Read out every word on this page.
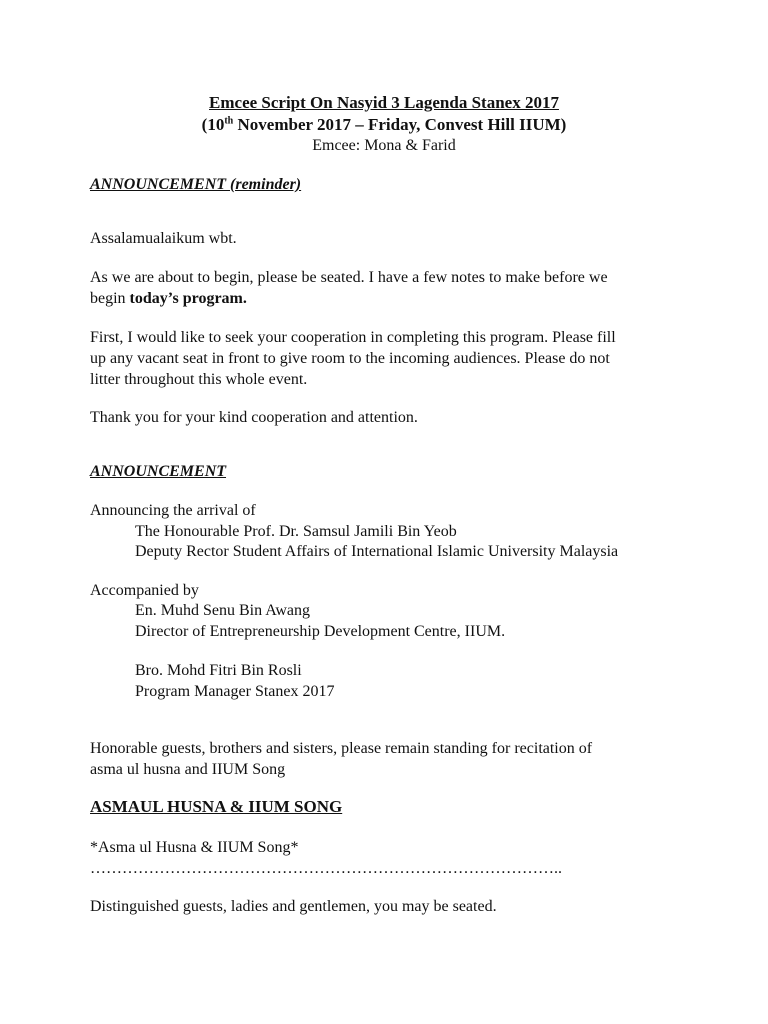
Emcee Script On Nasyid 3 Lagenda Stanex 2017
(10th November 2017 – Friday, Convest Hill IIUM)
Emcee: Mona & Farid
ANNOUNCEMENT (reminder)
Assalamualaikum wbt.
As we are about to begin, please be seated. I have a few notes to make before we
begin today’s program.
First, I would like to seek your cooperation in completing this program. Please fill
up any vacant seat in front to give room to the incoming audiences. Please do not
litter throughout this whole event.
Thank you for your kind cooperation and attention.
ANNOUNCEMENT
Announcing the arrival of
The Honourable Prof. Dr. Samsul Jamili Bin Yeob
Deputy Rector Student Affairs of International Islamic University Malaysia
Accompanied by
En. Muhd Senu Bin Awang
Director of Entrepreneurship Development Centre, IIUM.
Bro. Mohd Fitri Bin Rosli
Program Manager Stanex 2017
Honorable guests, brothers and sisters, please remain standing for recitation of
asma ul husna and IIUM Song
ASMAUL HUSNA & IIUM SONG
*Asma ul Husna & IIUM Song*
……………………………………………………………………………..
Distinguished guests, ladies and gentlemen, you may be seated.
